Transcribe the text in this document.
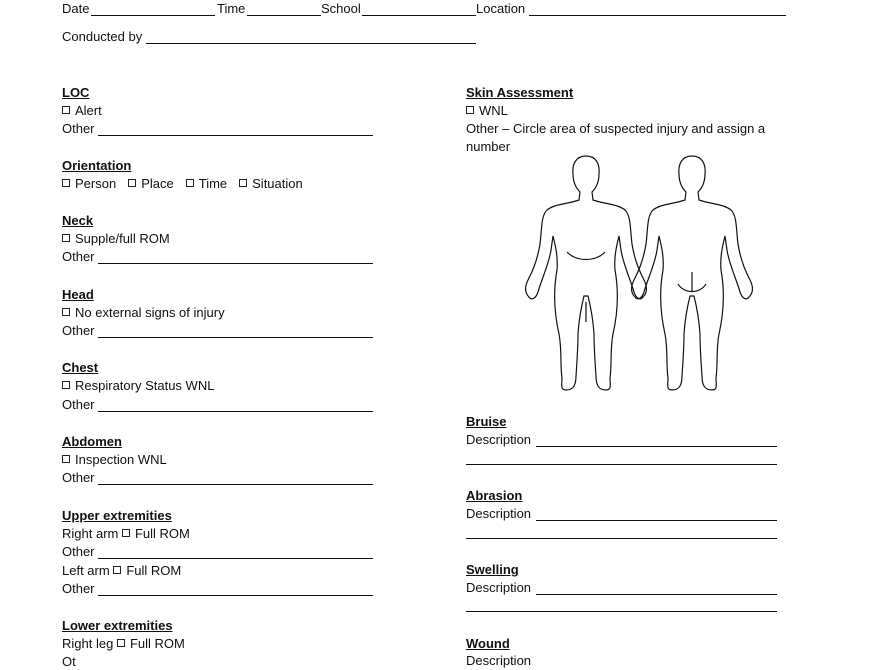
Date	Time	School	Location
Conducted by
LOC
Alert
Other
Orientation
Person Place Time Situation
Neck
Supple/full ROM
Other
Head
No external signs of injury
Other
Chest
Respiratory Status WNL
Other
Abdomen
Inspection WNL
Other
Upper extremities
Right arm Full ROM
Other
Left arm Full ROM
Other
Lower extremities
Right leg Full ROM
Ot
Skin Assessment
WNL
Other – Circle area of suspected injury and assign a
number
Bruise
Description
Abrasion
Description
Swelling
Description
Wound
Description
